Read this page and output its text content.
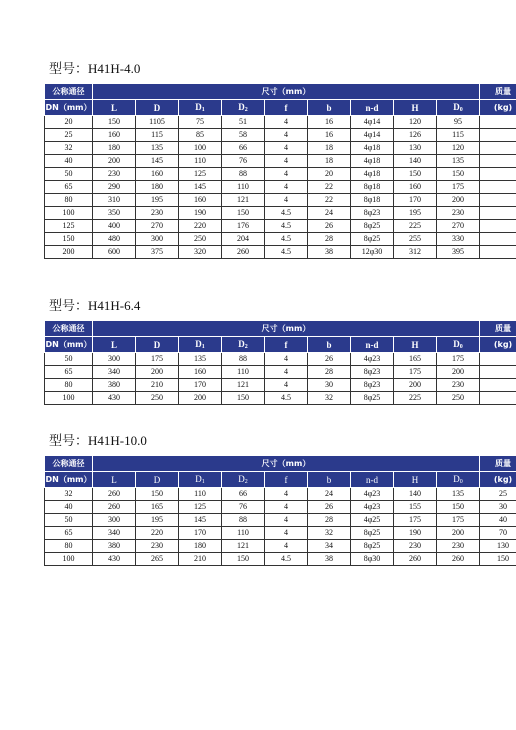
型号：H41H-4.0
公称通径	尺寸（mm）									质量
DN（mm）	L	D	$D_1$	$D_2$	f	b	n-d	H	$D_0$	(kg)
20	150	1105	75	51	4	16	4φ14	120	95	
25	160	115	85	58	4	16	4φ14	126	115	
32	180	135	100	66	4	18	4φ18	130	120	
40	200	145	110	76	4	18	4φ18	140	135	
50	230	160	125	88	4	20	4φ18	150	150	
65	290	180	145	110	4	22	8φ18	160	175	
80	310	195	160	121	4	22	8φ18	170	200	
100	350	230	190	150	4.5	24	8φ23	195	230	
125	400	270	220	176	4.5	26	8φ25	225	270	
150	480	300	250	204	4.5	28	8φ25	255	330	
200	600	375	320	260	4.5	38	12φ30	312	395	
型号：H41H-6.4
公称通径	尺寸（mm）									质量
DN（mm）	L	D	$D_1$	$D_2$	f	b	n-d	H	$D_0$	(kg)
50	300	175	135	88	4	26	4φ23	165	175	
65	340	200	160	110	4	28	8φ23	175	200	
80	380	210	170	121	4	30	8φ23	200	230	
100	430	250	200	150	4.5	32	8φ25	225	250	
型号：H41H-10.0
公称通径	尺寸（mm）									质量
DN（mm）	L	D	$D_1$	$D_2$	f	b	n-d	H	$D_0$	(kg)
32	260	150	110	66	4	24	4φ23	140	135	25
40	260	165	125	76	4	26	4φ23	155	150	30
50	300	195	145	88	4	28	4φ25	175	175	40
65	340	220	170	110	4	32	8φ25	190	200	70
80	380	230	180	121	4	34	8φ25	230	230	130
100	430	265	210	150	4.5	38	8φ30	260	260	150
